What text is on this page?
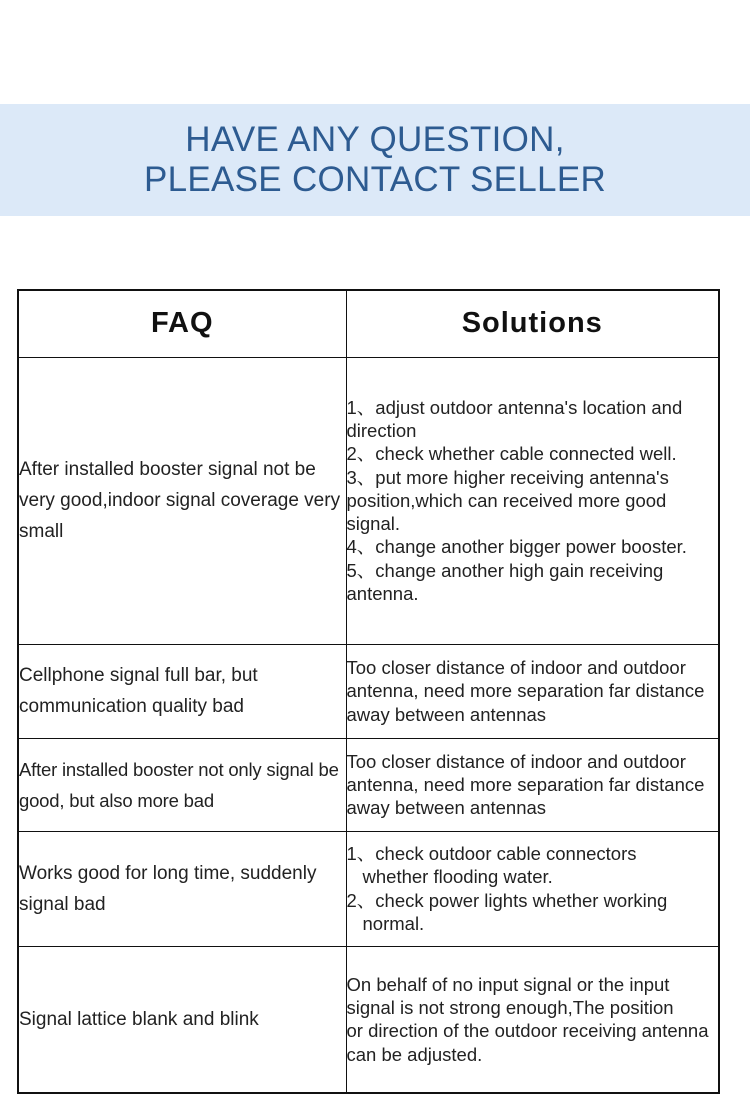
HAVE ANY QUESTION,
PLEASE CONTACT SELLER
FAQ	Solutions
After installed booster signal not be very good,indoor signal coverage very small	1、adjust outdoor antenna's location and direction
2、check whether cable connected well.
3、put more higher receiving antenna's position,which can received more good signal.
4、change another bigger power booster.
5、change another high gain receiving antenna.

Cellphone signal full bar, but communication quality bad	Too closer distance of indoor and outdoor antenna, need more separation far distance away between antennas
After installed booster not only signal be good, but also more bad	Too closer distance of indoor and outdoor antenna, need more separation far distance away between antennas
Works good for long time, suddenly signal bad	1、check outdoor cable connectors
whether flooding water.
2、check power lights whether working
normal.

Signal lattice blank and blink	On behalf of no input signal or the input signal is not strong enough,The position
or direction of the outdoor receiving antenna can be adjusted.
